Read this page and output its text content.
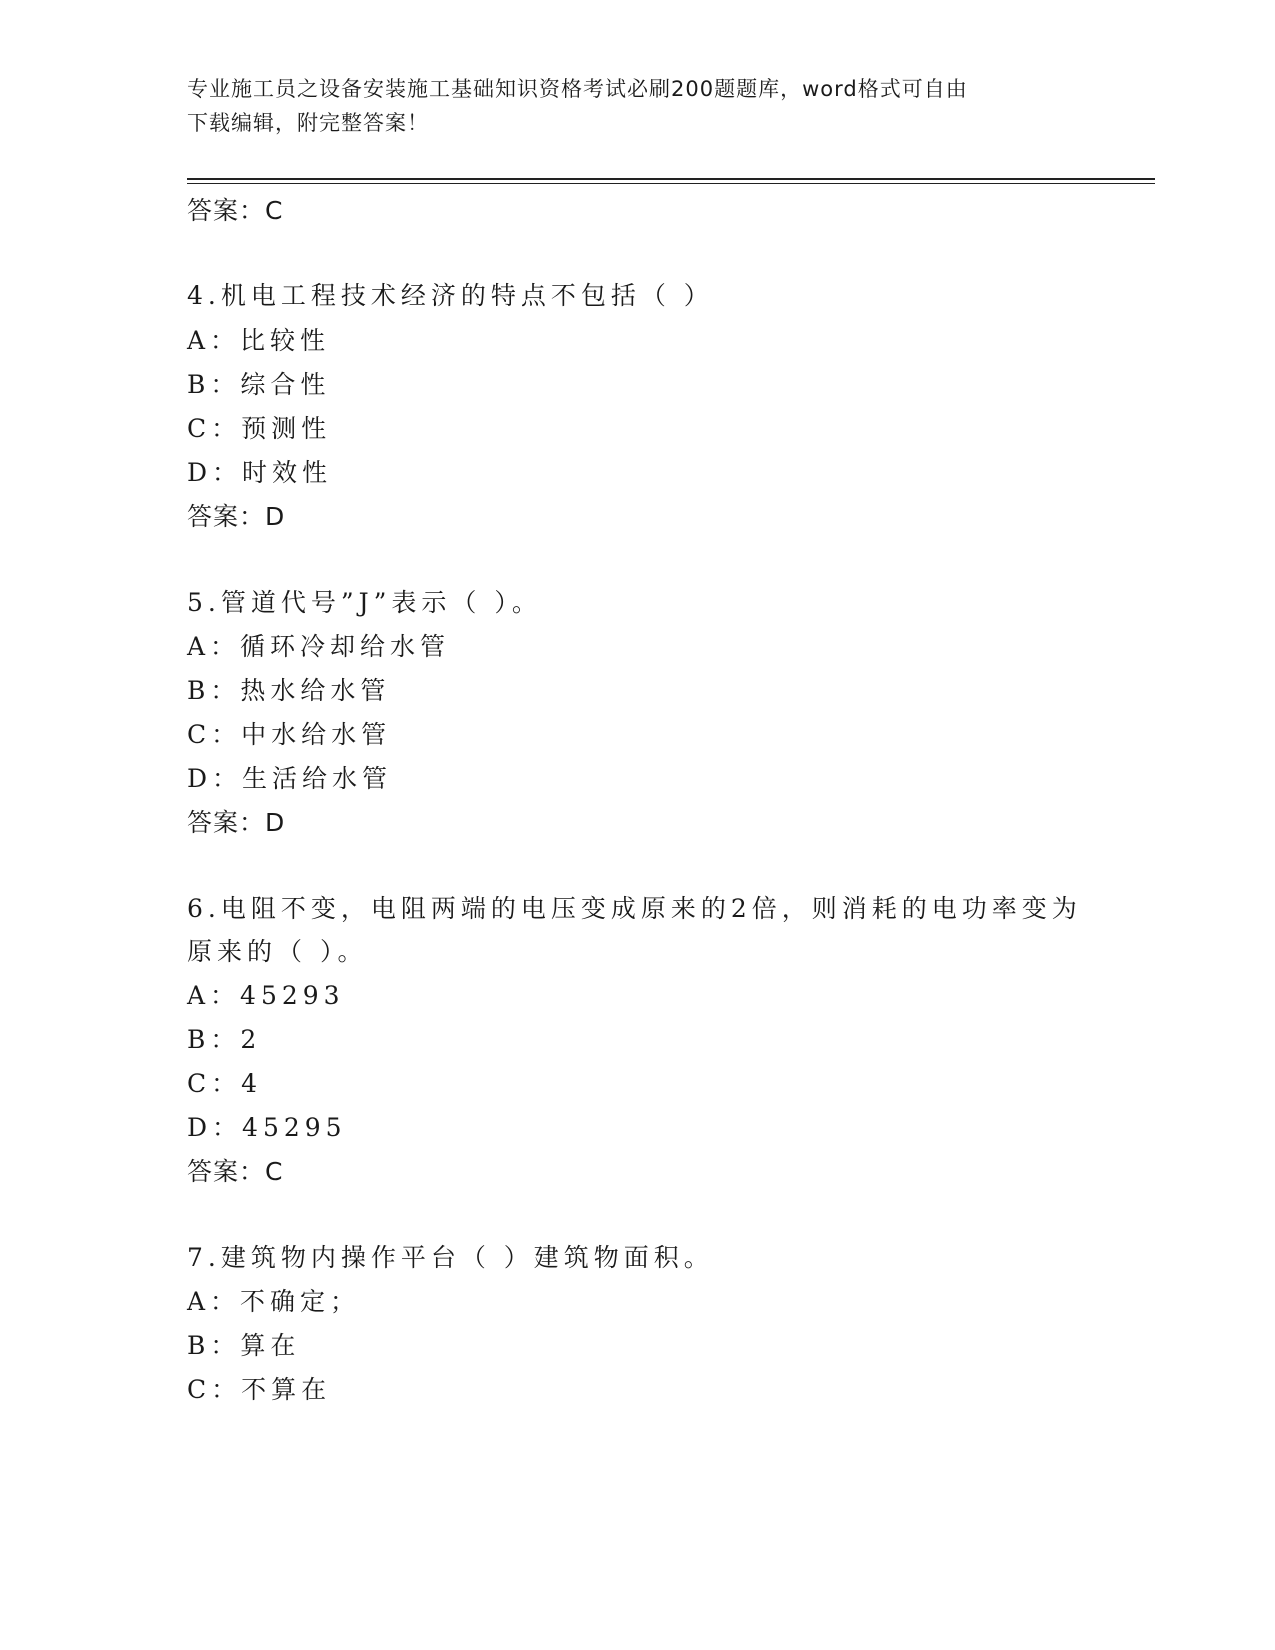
专业施工员之设备安装施工基础知识资格考试必刷200题题库，word格式可自由
下载编辑，附完整答案！
答案：C
4.机电工程技术经济的特点不包括（ ）
A：比较性
B：综合性
C：预测性
D：时效性
答案：D
5.管道代号”J”表示（ ）。
A：循环冷却给水管
B：热水给水管
C：中水给水管
D：生活给水管
答案：D
6.电阻不变，电阻两端的电压变成原来的2倍，则消耗的电功率变为
原来的（ ）。
A：45293
B：2
C：4
D：45295
答案：C
7.建筑物内操作平台（ ）建筑物面积。
A：不确定；
B：算在
C：不算在
